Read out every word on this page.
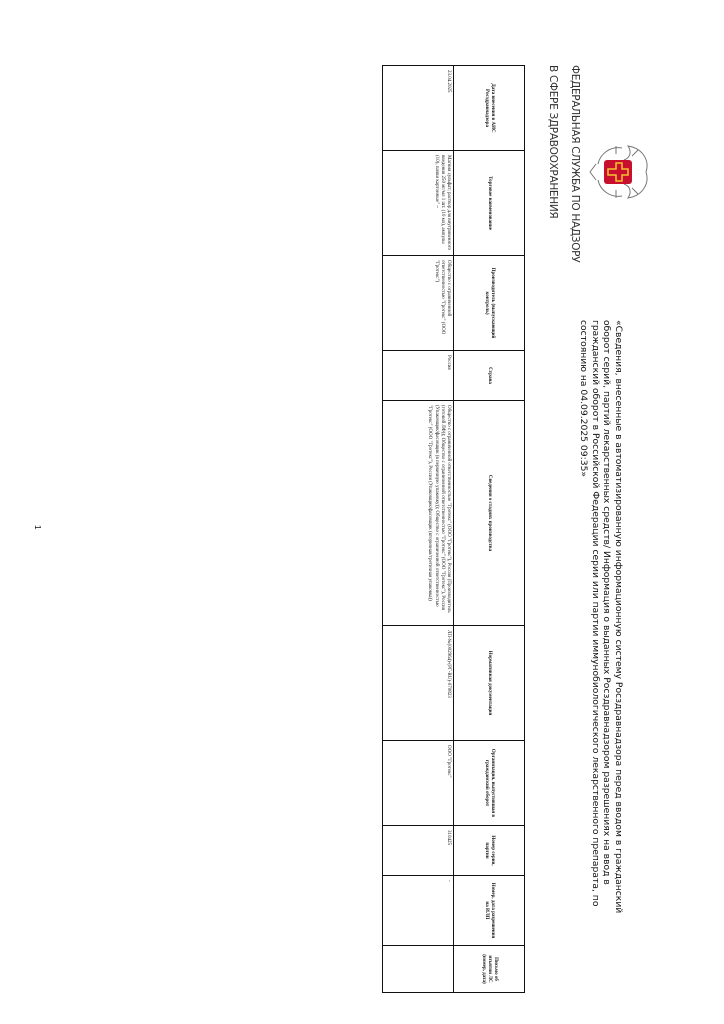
ФЕДЕРАЛЬНАЯ СЛУЖБА ПО НАДЗОРУ
В СФЕРЕ ЗДРАВООХРАНЕНИЯ
«Сведения, внесенные в автоматизированную информационную систему Росздравнадзора перед вводом в гражданский оборот серий, партий лекарственных средств/ Информация о выданных Росздравнадзором разрешениях на ввод в гражданский оборот в Российской Федерации серии или партии иммунобиологического лекарственного препарата, по состоянию на 04.09.2025 09:35»
Дата внесения в АИС Росздравнадзора	Торговое наименование	Производитель (выпускающий контроль)	Страна	Сведения о стадиях производства	Нормативная документация	Организация, выпустившая в гражданский оборот	Номер серии, партии	Номер, дата разрешения на ИЛП	Письмо об изъятии ЛС (номер, дата)
23.04.2025	Магния сульфат; раствор для внутривенного введения 250 мг/мл 1 шт. (10 мл), ампулы (10), пачки картонные" ~	Общество с ограниченной ответственностью "Гротекс" (ООО "Гротекс")	Россия	Общество с ограниченной ответственностью "Гротекс" (ООО "Гротекс"), Россия (Производитель (готовой ЛФ)); Общество с ограниченной ответственностью "Гротекс" (ООО "Гротекс"), Россия (Упаковщик/фасовщик (в первичную упаковку)); Общество с ограниченной ответственностью "Гротекс" (ООО "Гротекс"), Россия (Упаковщик/фасовщик (вторичная/третичная упаковка))	ЛП-№(002964)-(РГ-RU)-070823	ООО "Гротекс"	310425	-	
1
